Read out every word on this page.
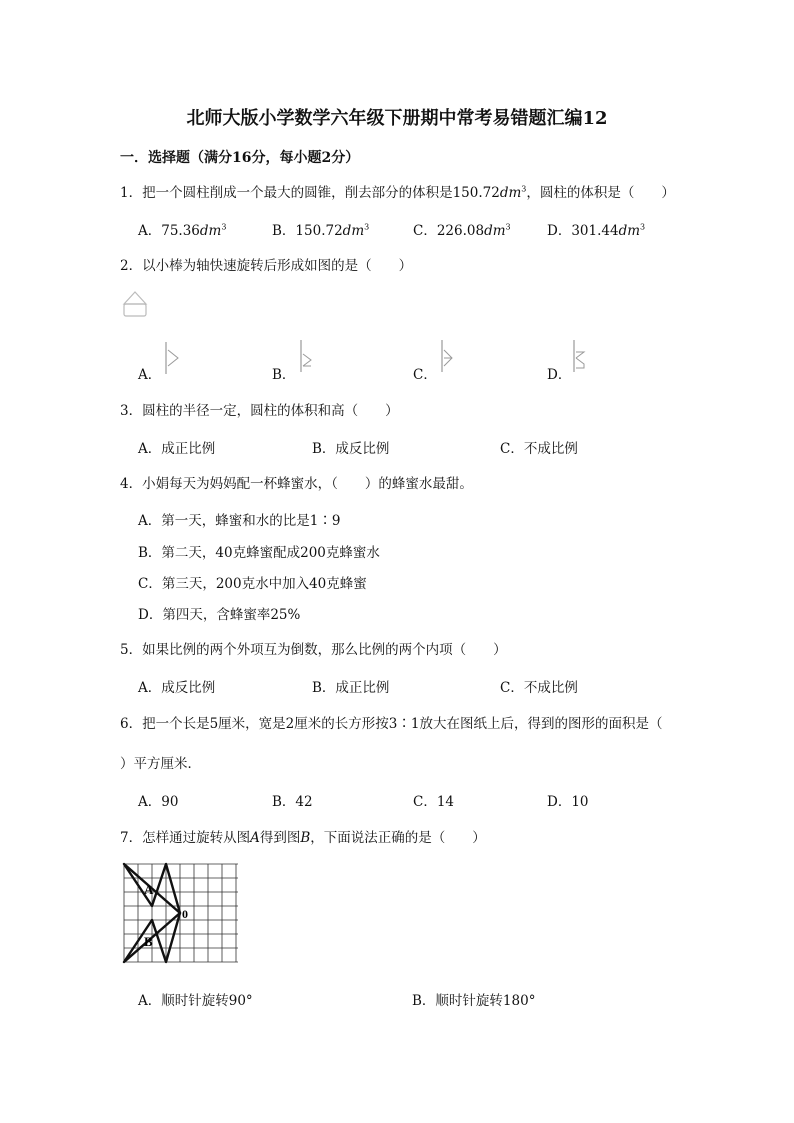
北师大版小学数学六年级下册期中常考易错题汇编12
一．选择题（满分16分，每小题2分）
1．把一个圆柱削成一个最大的圆锥，削去部分的体积是$150.72dm^3$，圆柱的体积是（　　）
A．$75.36dm^3$	B．$150.72dm^3$	C．$226.08dm^3$	D．$301.44dm^3$
2．以小棒为轴快速旋转后形成如图的是（　　）
A．	B．	C．	D．
3．圆柱的半径一定，圆柱的体积和高（　　）
A．成正比例	B．成反比例	C．不成比例
4．小娟每天为妈妈配一杯蜂蜜水，（　　）的蜂蜜水最甜。
A．第一天，蜂蜜和水的比是1∶9
B．第二天，40克蜂蜜配成200克蜂蜜水
C．第三天，200克水中加入40克蜂蜜
D．第四天，含蜂蜜率25%
5．如果比例的两个外项互为倒数，那么比例的两个内项（　　）
A．成反比例	B．成正比例	C．不成比例
6．把一个长是5厘米，宽是2厘米的长方形按3∶1放大在图纸上后，得到的图形的面积是（
）平方厘米．
A．90	B．42	C．14	D．10
7．怎样通过旋转从图A得到图B，下面说法正确的是（　　）
A
B
0
A．顺时针旋转90°	B．顺时针旋转180°
